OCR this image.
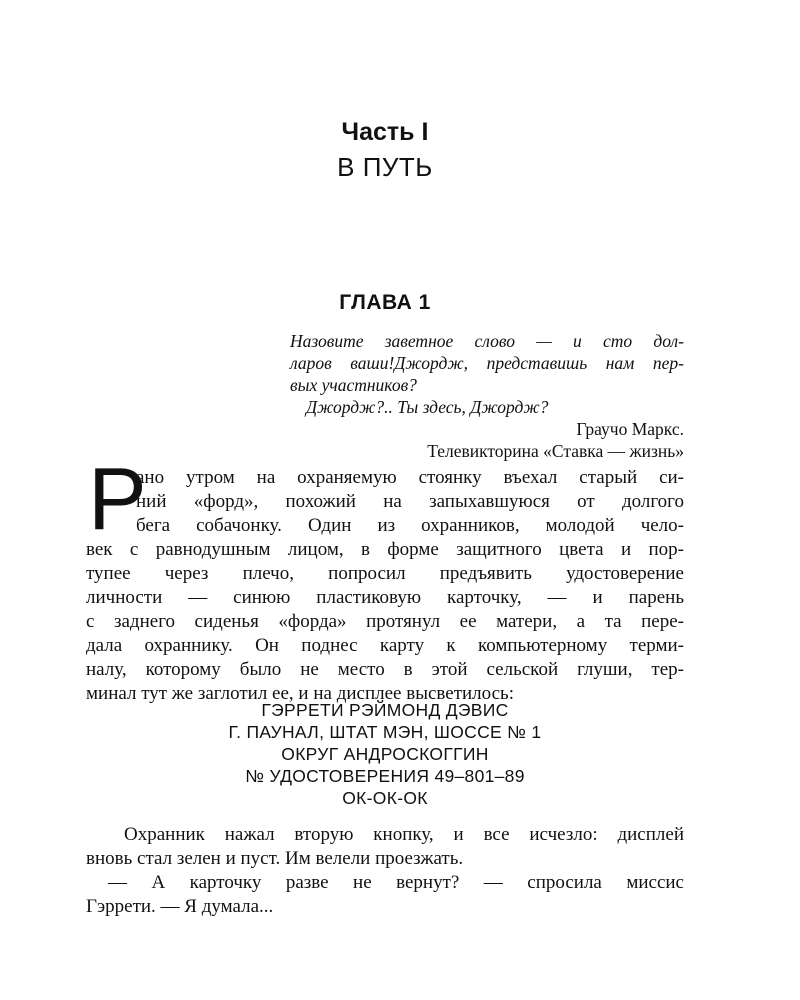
Часть I
В ПУТЬ
ГЛАВА 1
Назовите заветное слово — и сто дол-
ларов ваши!Джордж, представишь нам пер-
вых участников?
Джордж?.. Ты здесь, Джордж?
Граучо Маркс.
Телевикторина «Ставка — жизнь»
Р
ано утром на охраняемую стоянку въехал старый си-
ний «форд», похожий на запыхавшуюся от долгого
бега собачонку. Один из охранников, молодой чело-
век с равнодушным лицом, в форме защитного цвета и пор-
тупее через плечо, попросил предъявить удостоверение
личности — синюю пластиковую карточку, — и парень
с заднего сиденья «форда» протянул ее матери, а та пере-
дала охраннику. Он поднес карту к компьютерному терми-
налу, которому было не место в этой сельской глуши, тер-
минал тут же заглотил ее, и на дисплее высветилось:
ГЭРРЕТИ РЭЙМОНД ДЭВИС
Г. ПАУНАЛ, ШТАТ МЭН, ШОССЕ № 1
ОКРУГ АНДРОСКОГГИН
№ УДОСТОВЕРЕНИЯ 49–801–89
ОК-ОК-ОК
Охранник нажал вторую кнопку, и все исчезло: дисплей
вновь стал зелен и пуст. Им велели проезжать.
— А карточку разве не вернут? — спросила миссис
Гэррети. — Я думала...
